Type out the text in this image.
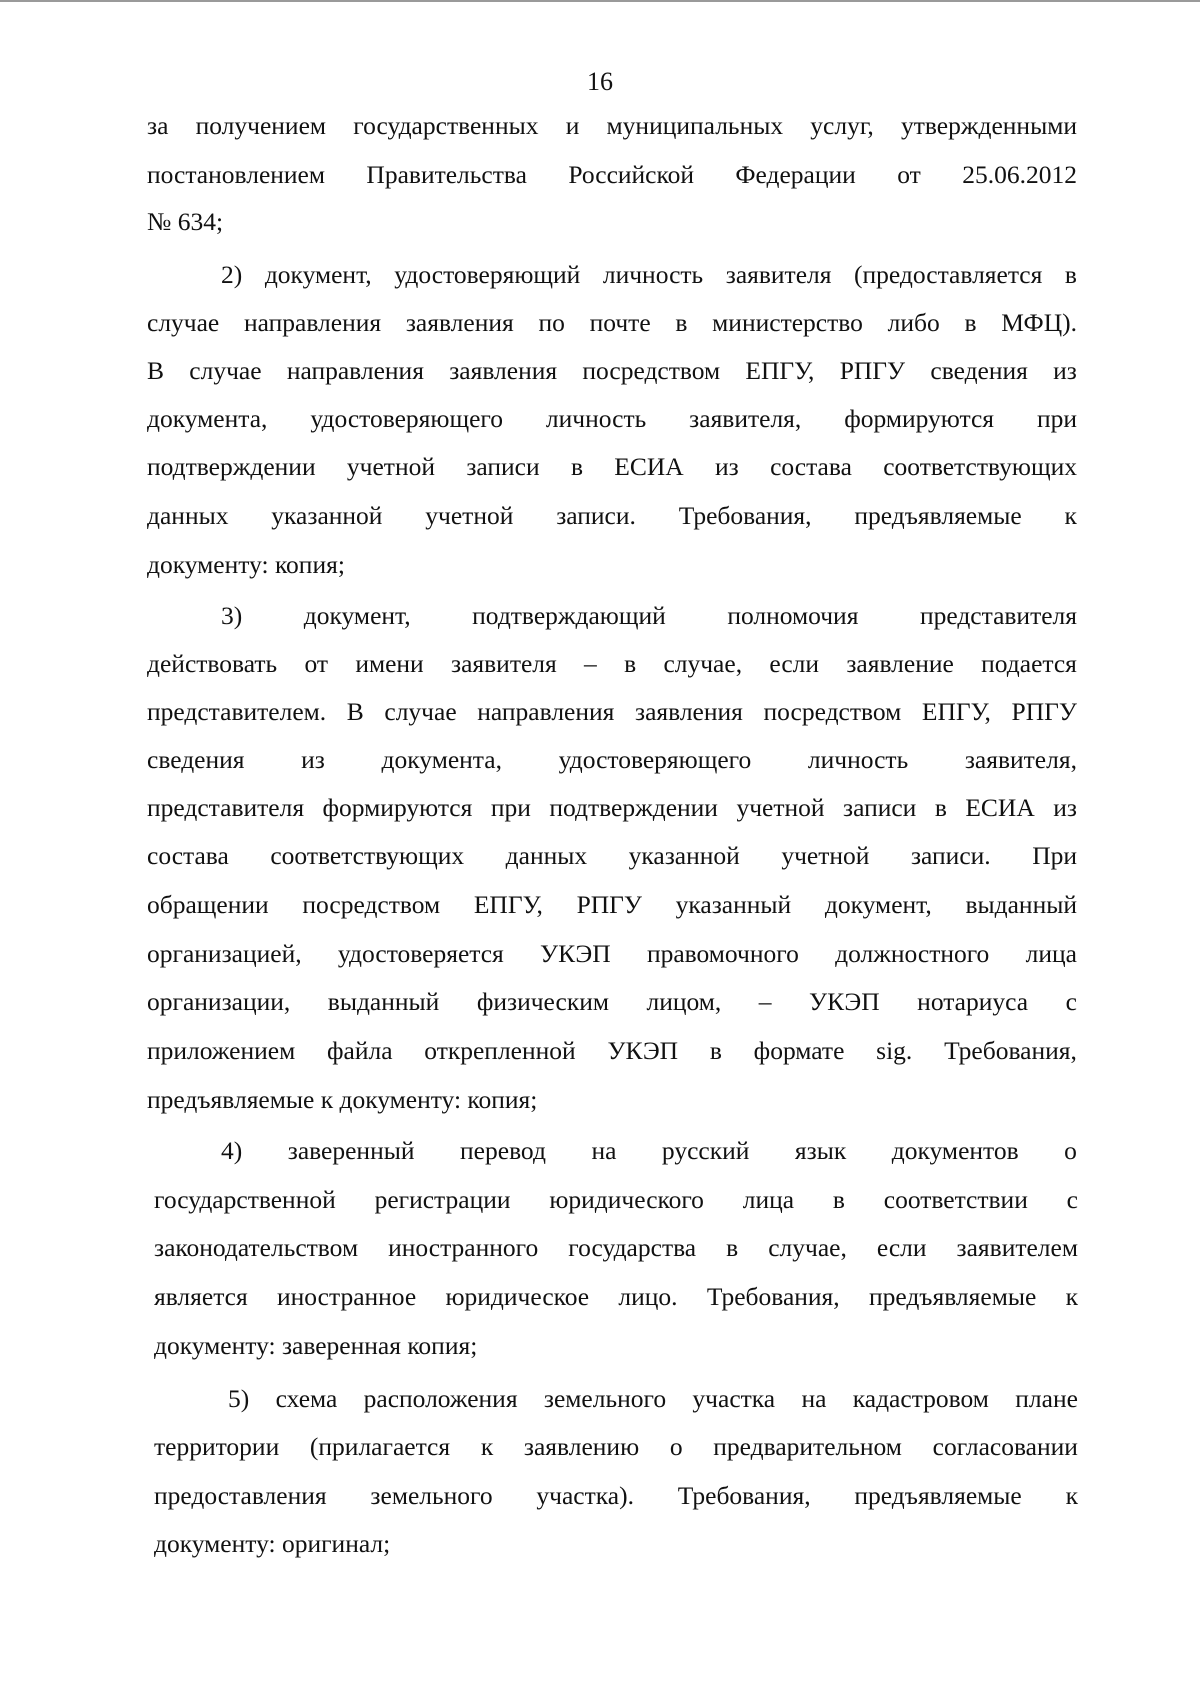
16
за получением государственных и муниципальных услуг, утвержденными
постановлением Правительства Российской Федерации от 25.06.2012
№ 634;
2) документ, удостоверяющий личность заявителя (предоставляется в
случае направления заявления по почте в министерство либо в МФЦ).
В случае направления заявления посредством ЕПГУ, РПГУ сведения из
документа, удостоверяющего личность заявителя, формируются при
подтверждении учетной записи в ЕСИА из состава соответствующих
данных указанной учетной записи. Требования, предъявляемые к
документу: копия;
3) документ, подтверждающий полномочия представителя
действовать от имени заявителя – в случае, если заявление подается
представителем. В случае направления заявления посредством ЕПГУ, РПГУ
сведения из документа, удостоверяющего личность заявителя,
представителя формируются при подтверждении учетной записи в ЕСИА из
состава соответствующих данных указанной учетной записи. При
обращении посредством ЕПГУ, РПГУ указанный документ, выданный
организацией, удостоверяется УКЭП правомочного должностного лица
организации, выданный физическим лицом, – УКЭП нотариуса с
приложением файла открепленной УКЭП в формате sig. Требования,
предъявляемые к документу: копия;
4) заверенный перевод на русский язык документов о
государственной регистрации юридического лица в соответствии с
законодательством иностранного государства в случае, если заявителем
является иностранное юридическое лицо. Требования, предъявляемые к
документу: заверенная копия;
5) схема расположения земельного участка на кадастровом плане
территории (прилагается к заявлению о предварительном согласовании
предоставления земельного участка). Требования, предъявляемые к
документу: оригинал;
